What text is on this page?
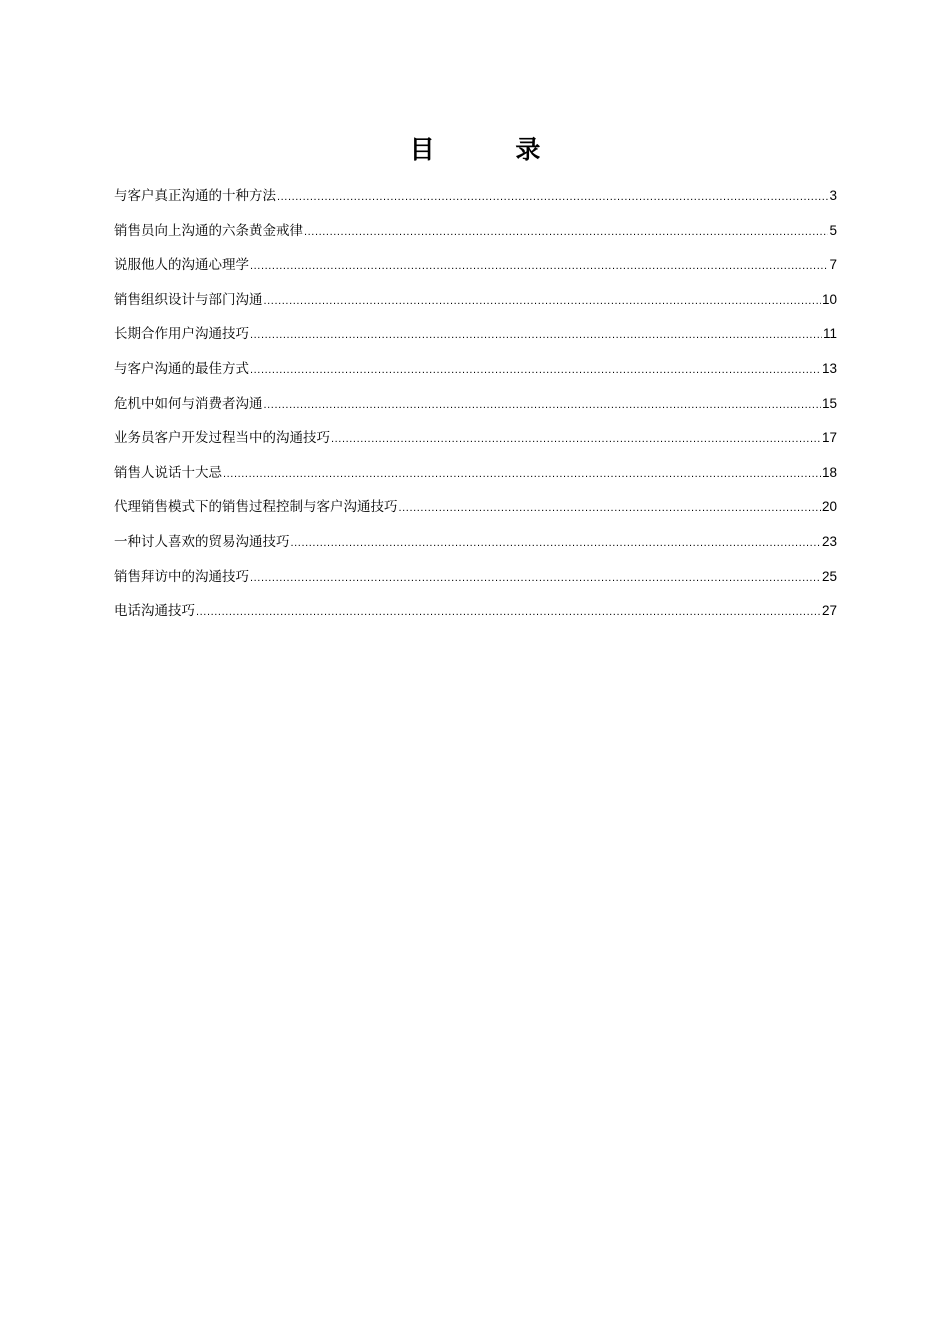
目 录
与客户真正沟通的十种方法 .....	3
销售员向上沟通的六条黄金戒律 .....	5
说服他人的沟通心理学 .....	7
销售组织设计与部门沟通 .....	10
长期合作用户沟通技巧 .....	11
与客户沟通的最佳方式 .....	13
危机中如何与消费者沟通 .....	15
业务员客户开发过程当中的沟通技巧 .....	17
销售人说话十大忌 .....	18
代理销售模式下的销售过程控制与客户沟通技巧 .....	20
一种讨人喜欢的贸易沟通技巧 .....	23
销售拜访中的沟通技巧 .....	25
电话沟通技巧 .....	27
